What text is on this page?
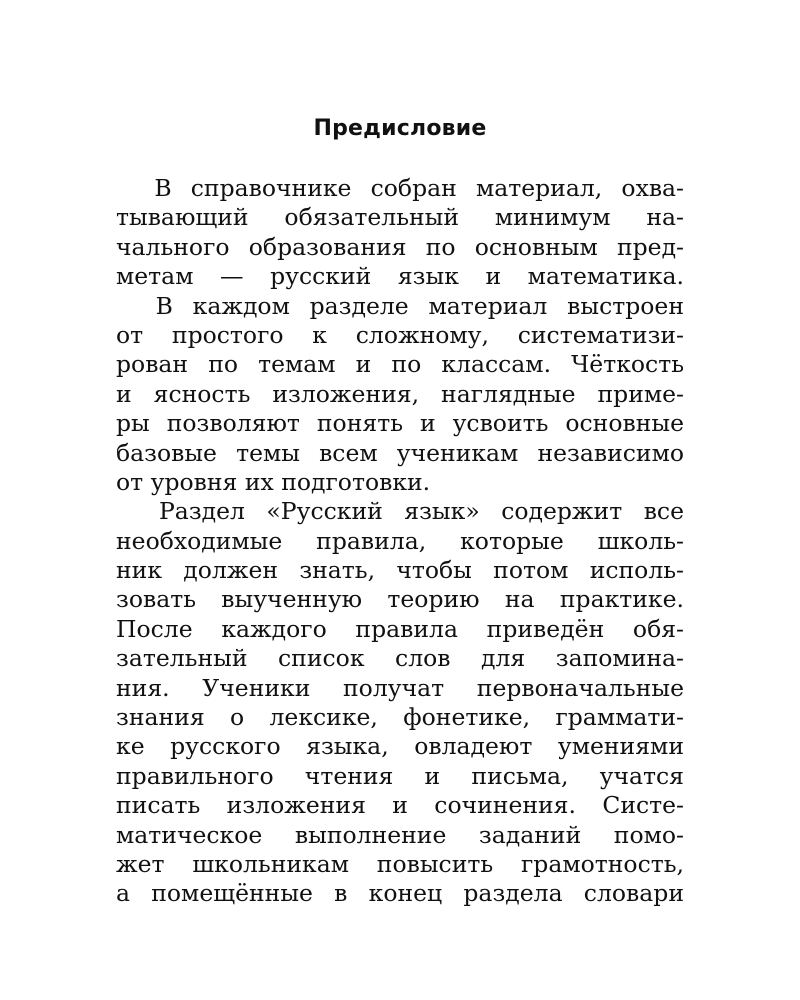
Предисловие
В справочнике собран материал, охва-
тывающий обязательный минимум на-
чального образования по основным пред-
метам — русский язык и математика.
В каждом разделе материал выстроен
от простого к сложному, систематизи-
рован по темам и по классам. Чёткость
и ясность изложения, наглядные приме-
ры позволяют понять и усвоить основные
базовые темы всем ученикам независимо
от уровня их подготовки.
Раздел «Русский язык» содержит все
необходимые правила, которые школь-
ник должен знать, чтобы потом исполь-
зовать выученную теорию на практике.
После каждого правила приведён обя-
зательный список слов для запомина-
ния. Ученики получат первоначальные
знания о лексике, фонетике, граммати-
ке русского языка, овладеют умениями
правильного чтения и письма, учатся
писать изложения и сочинения. Систе-
матическое выполнение заданий помо-
жет школьникам повысить грамотность,
а помещённые в конец раздела словари
